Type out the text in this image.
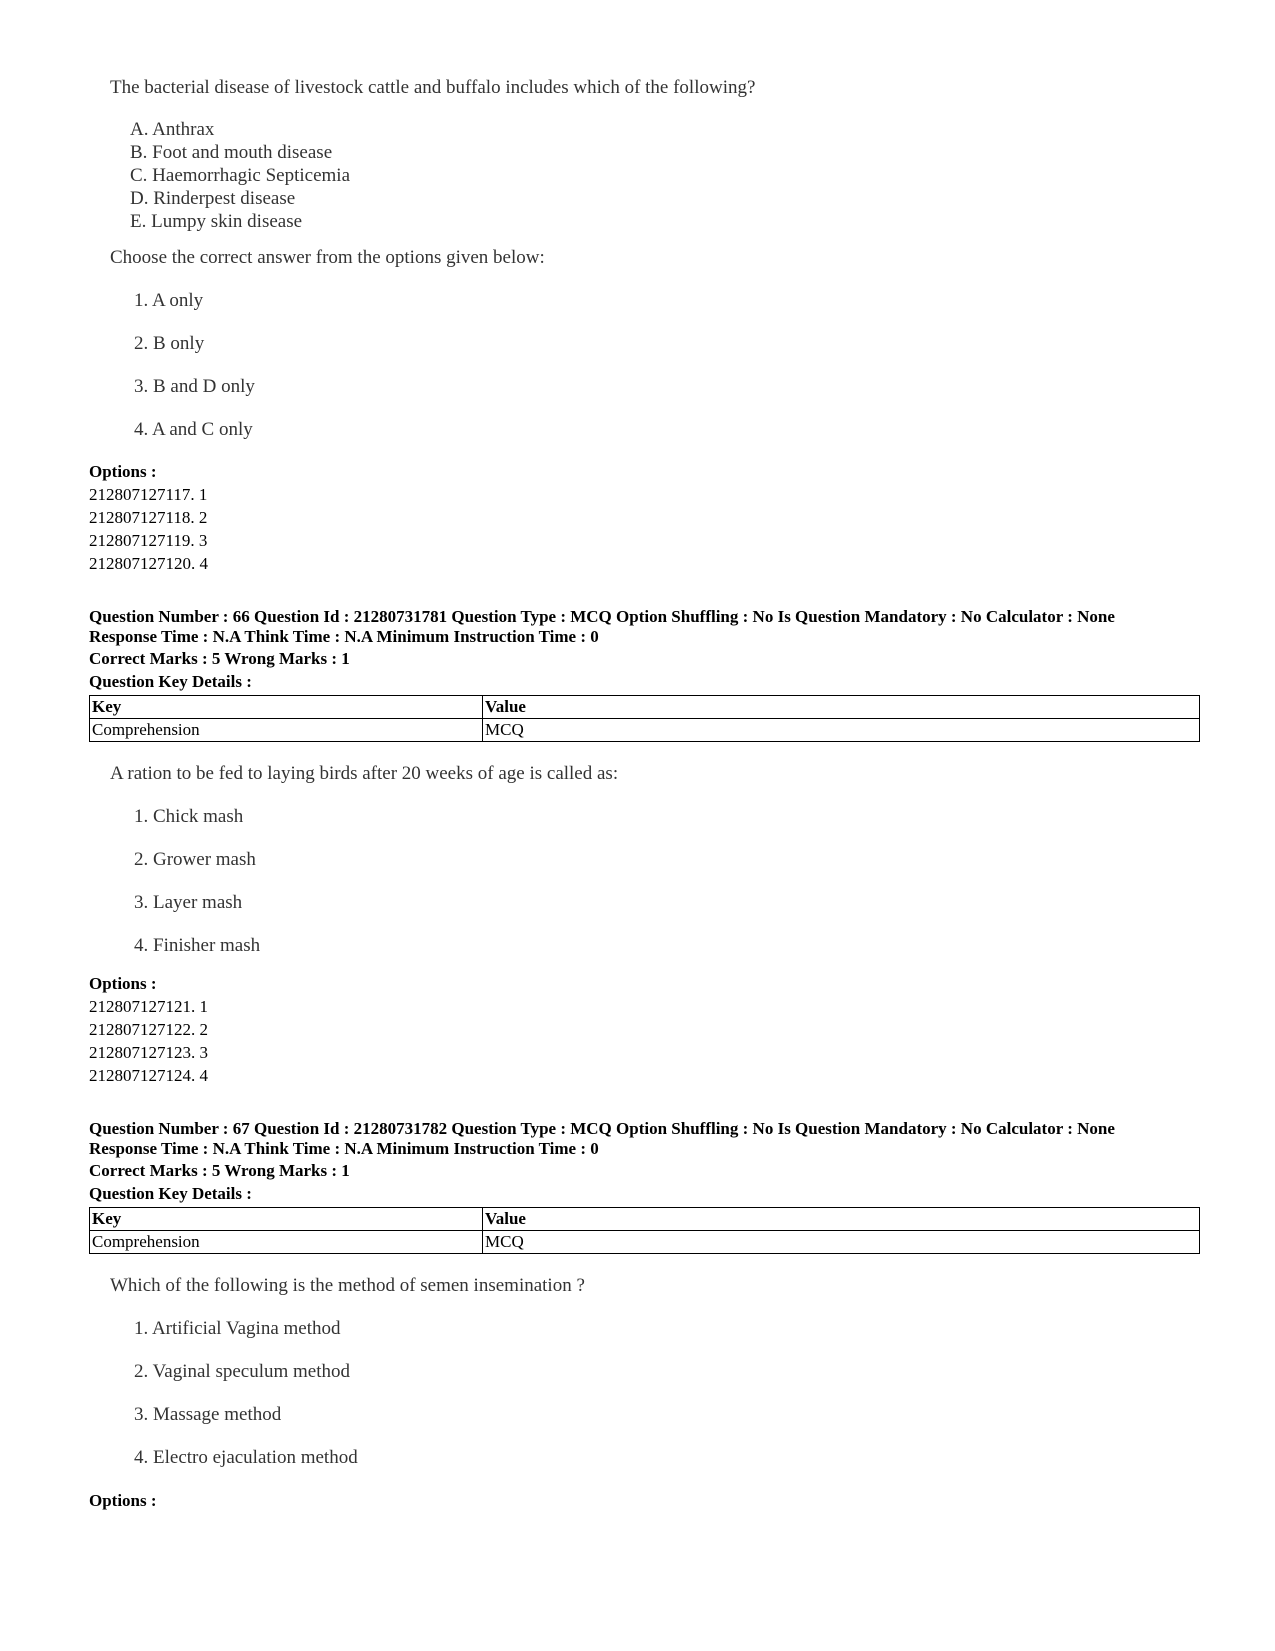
The bacterial disease of livestock cattle and buffalo includes which of the following?
A. Anthrax
B. Foot and mouth disease
C. Haemorrhagic Septicemia
D. Rinderpest disease
E. Lumpy skin disease
Choose the correct answer from the options given below:
1. A only
2. B only
3. B and D only
4. A and C only
Options :
212807127117. 1
212807127118. 2
212807127119. 3
212807127120. 4
Question Number : 66 Question Id : 21280731781 Question Type : MCQ Option Shuffling : No Is Question Mandatory : No Calculator : None
Response Time : N.A Think Time : N.A Minimum Instruction Time : 0
Correct Marks : 5 Wrong Marks : 1
Question Key Details :
Key	Value
Comprehension	MCQ
A ration to be fed to laying birds after 20 weeks of age is called as:
1. Chick mash
2. Grower mash
3. Layer mash
4. Finisher mash
Options :
212807127121. 1
212807127122. 2
212807127123. 3
212807127124. 4
Question Number : 67 Question Id : 21280731782 Question Type : MCQ Option Shuffling : No Is Question Mandatory : No Calculator : None
Response Time : N.A Think Time : N.A Minimum Instruction Time : 0
Correct Marks : 5 Wrong Marks : 1
Question Key Details :
Key	Value
Comprehension	MCQ
Which of the following is the method of semen insemination ?
1. Artificial Vagina method
2. Vaginal speculum method
3. Massage method
4. Electro ejaculation method
Options :
